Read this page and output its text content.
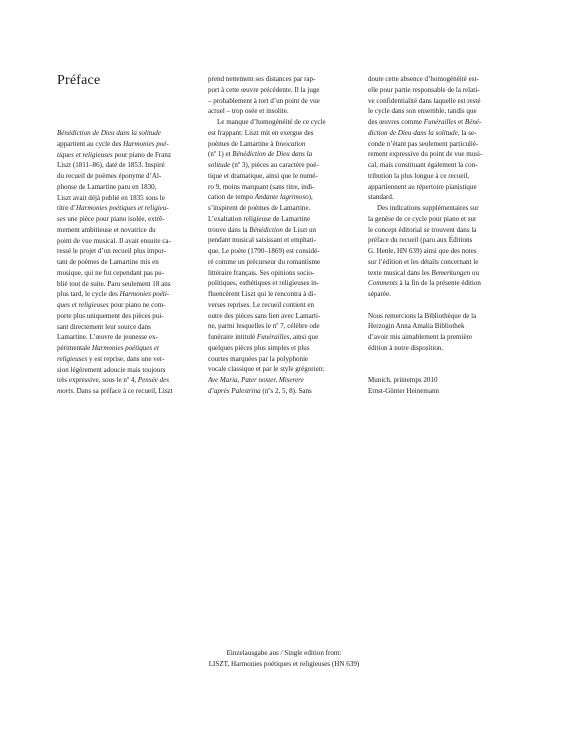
Préface
Bénédiction de Dieu dans la solitude
appartient au cycle des Harmonies poé-
tiques et religieuses pour piano de Franz
Liszt (1811–86), daté de 1853. Inspiré
du recueil de poèmes éponyme d’Al-
phonse de Lamartine paru en 1830,
Liszt avait déjà publié en 1835 sous le
titre d’Harmonies poétiques et religieu-
ses une pièce pour piano isolée, extrê-
mement ambitieuse et novatrice du
point de vue musical. Il avait ensuite ca-
ressé le projet d’un recueil plus impor-
tant de poèmes de Lamartine mis en
musique, qui ne fut cependant pas pu-
blié tout de suite. Paru seulement 18 ans
plus tard, le cycle des Harmonies poéti-
ques et religieuses pour piano ne com-
porte plus uniquement des pièces pui-
sant directement leur source dans
Lamartine. L’œuvre de jeunesse ex-
périmentale Harmonies poétiques et
religieuses y est reprise, dans une ver-
sion légèrement adoucie mais toujours
très expressive, sous le nº 4, Pensée des
morts. Dans sa préface à ce recueil, Liszt
prend nettement ses distances par rap-
port à cette œuvre précédente. Il la juge
– probablement à tort d’un point de vue
actuel – trop osée et insolite.
Le manque d’homogénéité de ce cycle
est frappant: Liszt mit en exergue des
poèmes de Lamartine à Invocation
(nº 1) et Bénédiction de Dieu dans la
solitude (nº 3), pièces au caractère poé-
tique et dramatique, ainsi que le numé-
ro 9, moins marquant (sans titre, indi-
cation de tempo Andante lagrimoso),
s’inspirent de poèmes de Lamartine.
L’exaltation religieuse de Lamartine
trouve dans la Bénédiction de Liszt un
pendant musical saisissant et emphati-
que. Le poète (1790–1869) est considé-
ré comme un précurseur du romantisme
littéraire français. Ses opinions socio-
politiques, esthétiques et religieuses in-
fluencèrent Liszt qui le rencontra à di-
verses reprises. Le recueil contient en
outre des pièces sans lien avec Lamarti-
ne, parmi lesquelles le nº 7, célèbre ode
funéraire intitulé Funérailles, ainsi que
quelques pièces plus simples et plus
courtes marquées par la polyphonie
vocale classique et par le style grégorien:
Ave Maria, Pater noster, Miserere
d’après Palestrina (nºs 2, 5, 8). Sans
doute cette absence d’homogénéité est-
elle pour partie responsable de la relati-
ve confidentialité dans laquelle est resté
le cycle dans son ensemble, tandis que
des œuvres comme Funérailles et Béné-
diction de Dieu dans la solitude, la se-
conde n’étant pas seulement particuliè-
rement expressive du point de vue musi-
cal, mais constituant également la con-
tribution la plus longue à ce recueil,
appartiennent au répertoire pianistique
standard.
Des indications supplémentaires sur
la genèse de ce cycle pour piano et sur
le concept éditorial se trouvent dans la
préface du recueil (paru aux Éditions
G. Henle, HN 639) ainsi que des notes
sur l’édition et les détails concernant le
texte musical dans les Bemerkungen ou
Comments à la fin de la présente édition
séparée.
Nous remercions la Bibliothèque de la
Herzogin Anna Amalia Bibliothek
d’avoir mis aimablement la première
édition à notre disposition.
Munich, printemps 2010
Ernst-Günter Heinemann
Einzelausgabe aus / Single edition from:
LISZT, Harmonies poétiques et religieuses (HN 639)
